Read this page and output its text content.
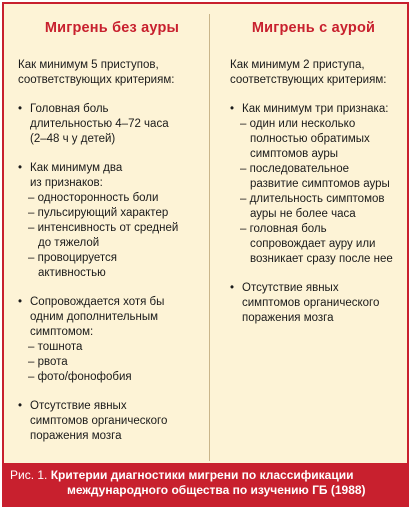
Мигрень без ауры
Как минимум 5 приступов,
соответствующих критериям:
• Головная боль
длительностью 4–72 часа
(2–48 ч у детей)
• Как минимум два
из признаков:
– односторонность боли
– пульсирующий характер
– интенсивность от средней
до тяжелой
– провоцируется
активностью
• Сопровождается хотя бы
одним дополнительным
симптомом:
– тошнота
– рвота
– фото/фонофобия
• Отсутствие явных
симптомов органического
поражения мозга
Мигрень с аурой
Как минимум 2 приступа,
соответствующих критериям:
• Как минимум три признака:
– один или несколько
полностью обратимых
симптомов ауры
– последовательное
развитие симптомов ауры
– длительность симптомов
ауры не более часа
– головная боль
сопровождает ауру или
возникает сразу после нее
• Отсутствие явных
симптомов органического
поражения мозга
Рис. 1. Критерии диагностики мигрени по классификации
международного общества по изучению ГБ (1988)
